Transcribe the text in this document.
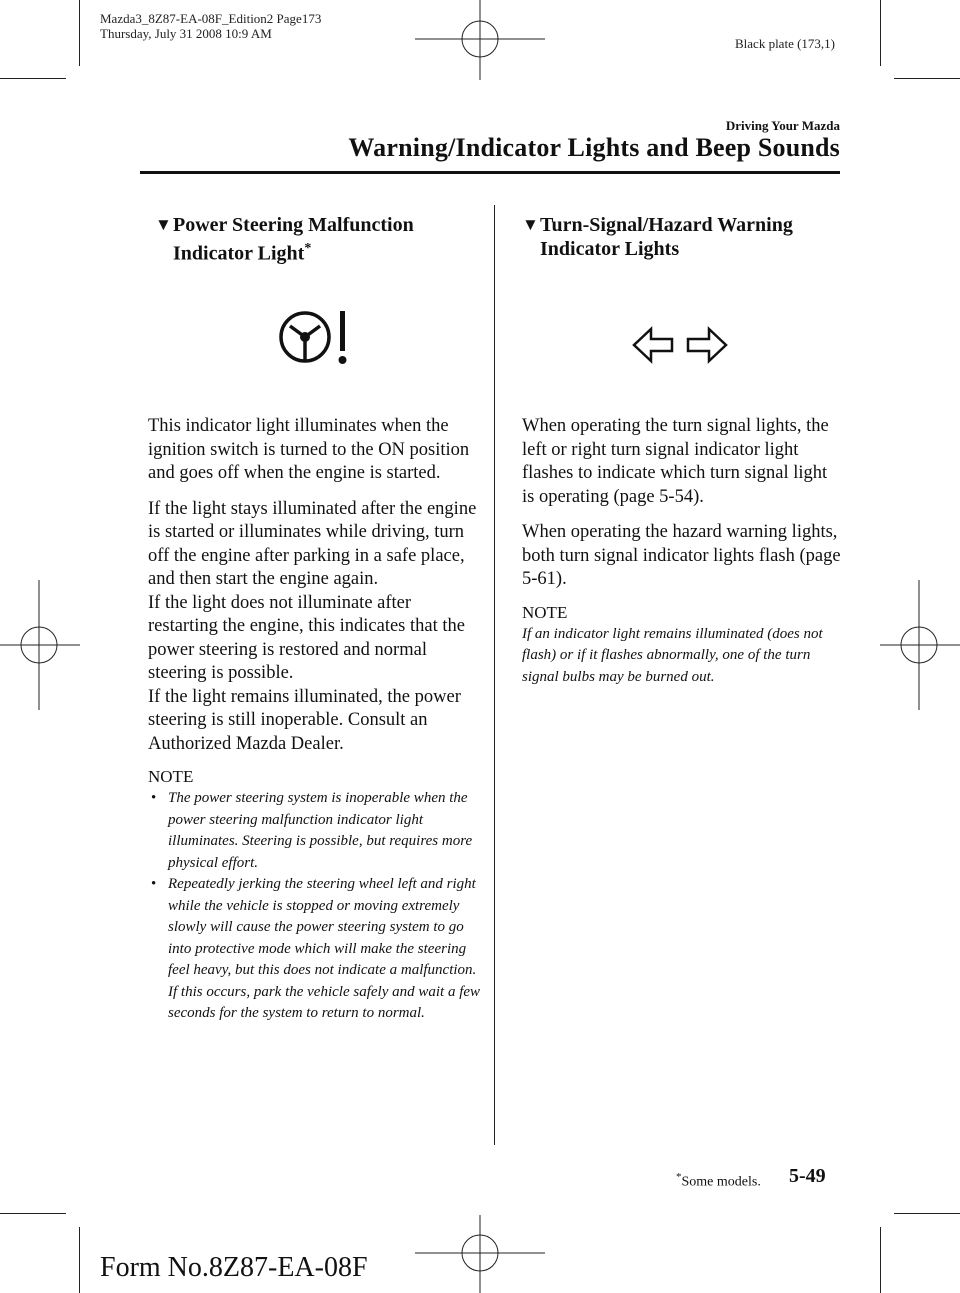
Mazda3_8Z87-EA-08F_Edition2 Page173
Thursday, July 31 2008 10:9 AM
Black plate (173,1)
Driving Your Mazda
Warning/Indicator Lights and Beep Sounds
▼ Power Steering Malfunction
Indicator Light*

This indicator light illuminates when the ignition switch is turned to the ON position and goes off when the engine is started.

If the light stays illuminated after the engine is started or illuminates while driving, turn off the engine after parking in a safe place, and then start the engine again.

If the light does not illuminate after restarting the engine, this indicates that the power steering is restored and normal steering is possible.

If the light remains illuminated, the power steering is still inoperable. Consult an Authorized Mazda Dealer.

NOTE

• The power steering system is inoperable when the power steering malfunction indicator light illuminates. Steering is possible, but requires more physical effort.
• Repeatedly jerking the steering wheel left and right while the vehicle is stopped or moving extremely slowly will cause the power steering system to go into protective mode which will make the steering feel heavy, but this does not indicate a malfunction. If this occurs, park the vehicle safely and wait a few seconds for the system to return to normal.
▼ Turn-Signal/Hazard Warning
Indicator Lights

When operating the turn signal lights, the left or right turn signal indicator light flashes to indicate which turn signal light is operating (page 5-54).

When operating the hazard warning lights, both turn signal indicator lights flash (page 5-61).

NOTE

If an indicator light remains illuminated (does not flash) or if it flashes abnormally, one of the turn signal bulbs may be burned out.

*Some models. 5-49
Form No.8Z87-EA-08F
